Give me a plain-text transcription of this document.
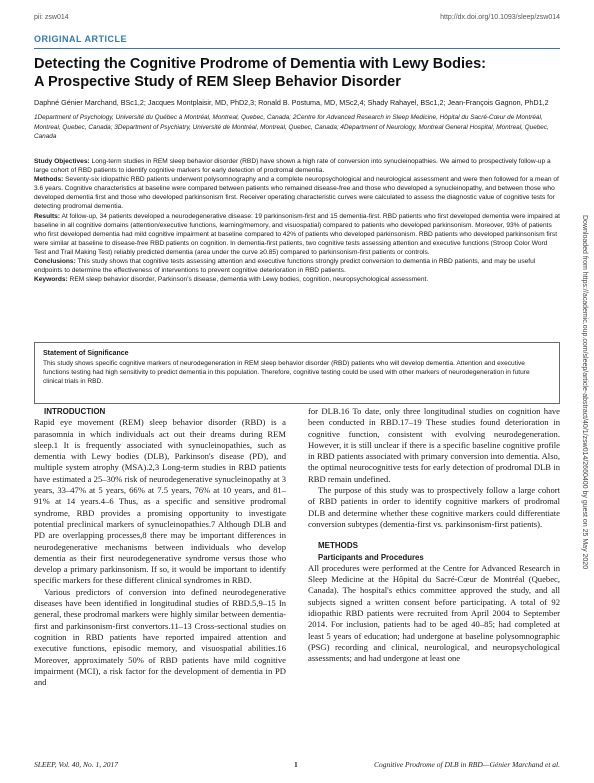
pii: zsw014	http://dx.doi.org/10.1093/sleep/zsw014
ORIGINAL ARTICLE
Detecting the Cognitive Prodrome of Dementia with Lewy Bodies:
A Prospective Study of REM Sleep Behavior Disorder
Daphné Génier Marchand, BSc1,2; Jacques Montplaisir, MD, PhD2,3; Ronald B. Postuma, MD, MSc2,4; Shady Rahayel, BSc1,2; Jean-François Gagnon, PhD1,2
1Department of Psychology, Université du Québec à Montréal, Montreal, Quebec, Canada; 2Centre for Advanced Research in Sleep Medicine, Hôpital du Sacré-Cœur de Montréal, Montreal, Quebec, Canada; 3Department of Psychiatry, Université de Montréal, Montreal, Quebec, Canada; 4Department of Neurology, Montreal General Hospital, Montreal, Quebec, Canada

Study Objectives: Long-term studies in REM sleep behavior disorder (RBD) have shown a high rate of conversion into synucleinopathies. We aimed to prospectively follow-up a large cohort of RBD patients to identify cognitive markers for early detection of prodromal dementia.

Methods: Seventy-six idiopathic RBD patients underwent polysomnography and a complete neuropsychological and neurological assessment and were then followed for a mean of 3.6 years. Cognitive characteristics at baseline were compared between patients who remained disease-free and those who developed a synucleinopathy, and between those who developed dementia first and those who developed parkinsonism first. Receiver operating characteristic curves were calculated to assess the diagnostic value of cognitive tests for detecting prodromal dementia.

Results: At follow-up, 34 patients developed a neurodegenerative disease: 19 parkinsonism-first and 15 dementia-first. RBD patients who first developed dementia were impaired at baseline in all cognitive domains (attention/executive functions, learning/memory, and visuospatial) compared to patients who developed parkinsonism. Moreover, 93% of patients who first developed dementia had mild cognitive impairment at baseline compared to 42% of patients who developed parkinsonism. RBD patients who developed parkinsonism first were similar at baseline to disease-free RBD patients on cognition. In dementia-first patients, two cognitive tests assessing attention and executive functions (Stroop Color Word Test and Trail Making Test) reliably predicted dementia (area under the curve ≥0.85) compared to parkinsonism-first patients or controls.

Conclusions: This study shows that cognitive tests assessing attention and executive functions strongly predict conversion to dementia in RBD patients, and may be useful endpoints to determine the effectiveness of interventions to prevent cognitive deterioration in RBD patients.

Keywords: REM sleep behavior disorder, Parkinson's disease, dementia with Lewy bodies, cognition, neuropsychological assessment.

Statement of Significance
This study shows specific cognitive markers of neurodegeneration in REM sleep behavior disorder (RBD) patients who will develop dementia. Attention and executive functions testing had high sensitivity to predict dementia in this population. Therefore, cognitive testing could be used with other markers of neurodegeneration in future clinical trials in RBD.

INTRODUCTION

Rapid eye movement (REM) sleep behavior disorder (RBD) is a parasomnia in which individuals act out their dreams during REM sleep.1 It is frequently associated with synucleinopathies, such as dementia with Lewy bodies (DLB), Parkinson's disease (PD), and multiple system atrophy (MSA).2,3 Long-term studies in RBD patients have estimated a 25–30% risk of neurodegenerative synucleinopathy at 3 years, 33–47% at 5 years, 66% at 7.5 years, 76% at 10 years, and 81–91% at 14 years.4–6 Thus, as a specific and sensitive prodromal syndrome, RBD provides a promising opportunity to investigate potential preclinical markers of synucleinopathies.7 Although DLB and PD are overlapping processes,8 there may be important differences in neurodegenerative mechanisms between individuals who develop dementia as their first neurodegenerative syndrome versus those who develop a primary parkinsonism. If so, it would be important to identify specific markers for these different clinical syndromes in RBD.

Various predictors of conversion into defined neurodegenerative diseases have been identified in longitudinal studies of RBD.5,9–15 In general, these prodromal markers were highly similar between dementia-first and parkinsonism-first convertors.11–13 Cross-sectional studies on cognition in RBD patients have reported impaired attention and executive functions, episodic memory, and visuospatial abilities.16 Moreover, approximately 50% of RBD patients have mild cognitive impairment (MCI), a risk factor for the development of dementia in PD and

for DLB.16 To date, only three longitudinal studies on cognition have been conducted in RBD.17–19 These studies found deterioration in cognitive function, consistent with evolving neurodegeneration. However, it is still unclear if there is a specific baseline cognitive profile in RBD patients associated with primary conversion into dementia. Also, the optimal neurocognitive tests for early detection of prodromal DLB in RBD remain undefined.

The purpose of this study was to prospectively follow a large cohort of RBD patients in order to identify cognitive markers of prodromal DLB and determine whether these cognitive markers could differentiate conversion subtypes (dementia-first vs. parkinsonism-first patients).

METHODS

Participants and Procedures

All procedures were performed at the Centre for Advanced Research in Sleep Medicine at the Hôpital du Sacré-Cœur de Montréal (Quebec, Canada). The hospital's ethics committee approved the study, and all subjects signed a written consent before participating. A total of 92 idiopathic RBD patients were recruited from April 2004 to September 2014. For inclusion, patients had to be aged 40–85; had completed at least 5 years of education; had undergone at baseline polysomnographic (PSG) recording and clinical, neurological, and neuropsychological assessments; and had undergone at least one

Downloaded from https://academic.oup.com/sleep/article-abstract/40/1/zsw014/2660400 by guest on 25 May 2020
SLEEP, Vol. 40, No. 1, 2017	1	Cognitive Prodrome of DLB in RBD—Génier Marchand et al.
